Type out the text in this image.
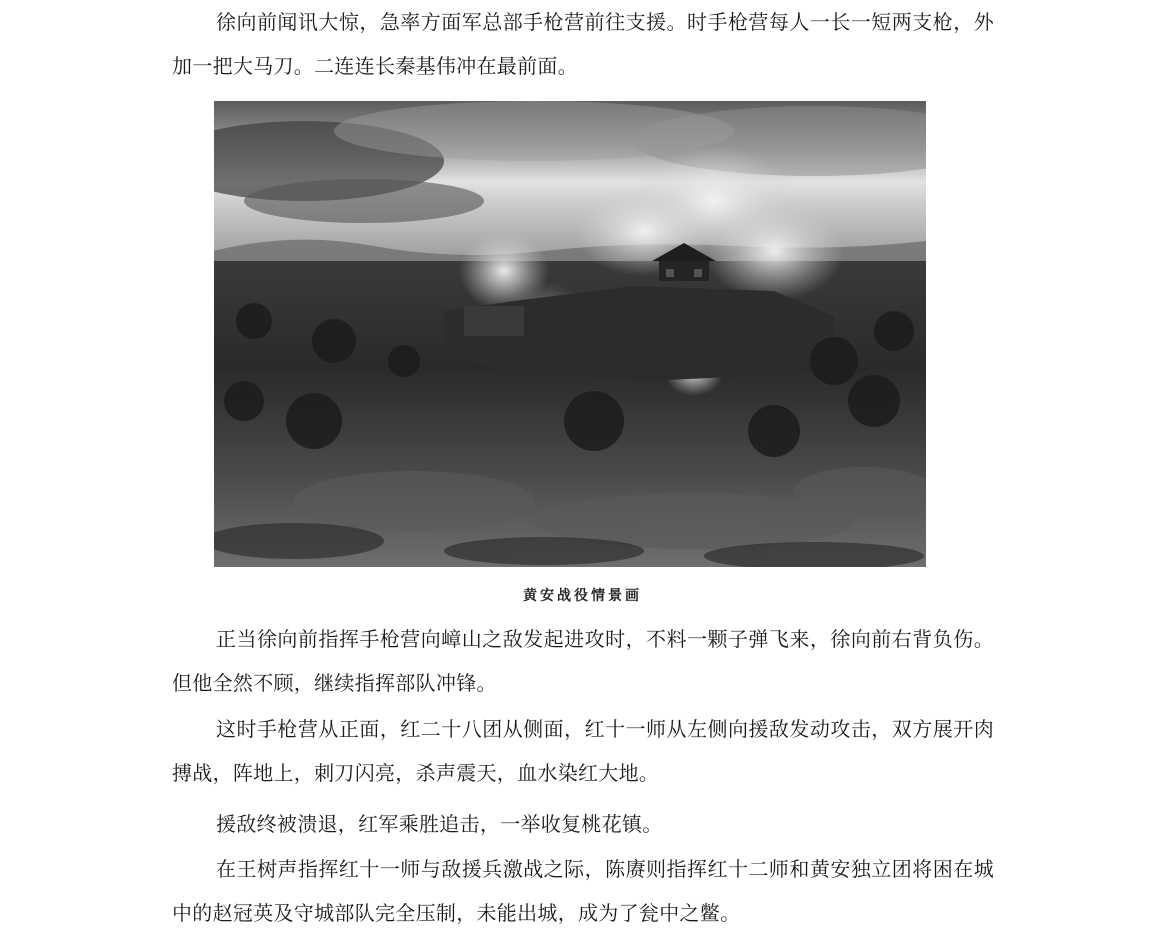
徐向前闻讯大惊，急率方面军总部手枪营前往支援。时手枪营每人一长一短两支枪，外加一把大马刀。二连连长秦基伟冲在最前面。

黄安战役情景画

正当徐向前指挥手枪营向嶂山之敌发起进攻时，不料一颗子弹飞来，徐向前右背负伤。但他全然不顾，继续指挥部队冲锋。

这时手枪营从正面，红二十八团从侧面，红十一师从左侧向援敌发动攻击，双方展开肉搏战，阵地上，刺刀闪亮，杀声震天，血水染红大地。

援敌终被溃退，红军乘胜追击，一举收复桃花镇。

在王树声指挥红十一师与敌援兵激战之际，陈赓则指挥红十二师和黄安独立团将困在城中的赵冠英及守城部队完全压制，未能出城，成为了瓮中之鳖。
